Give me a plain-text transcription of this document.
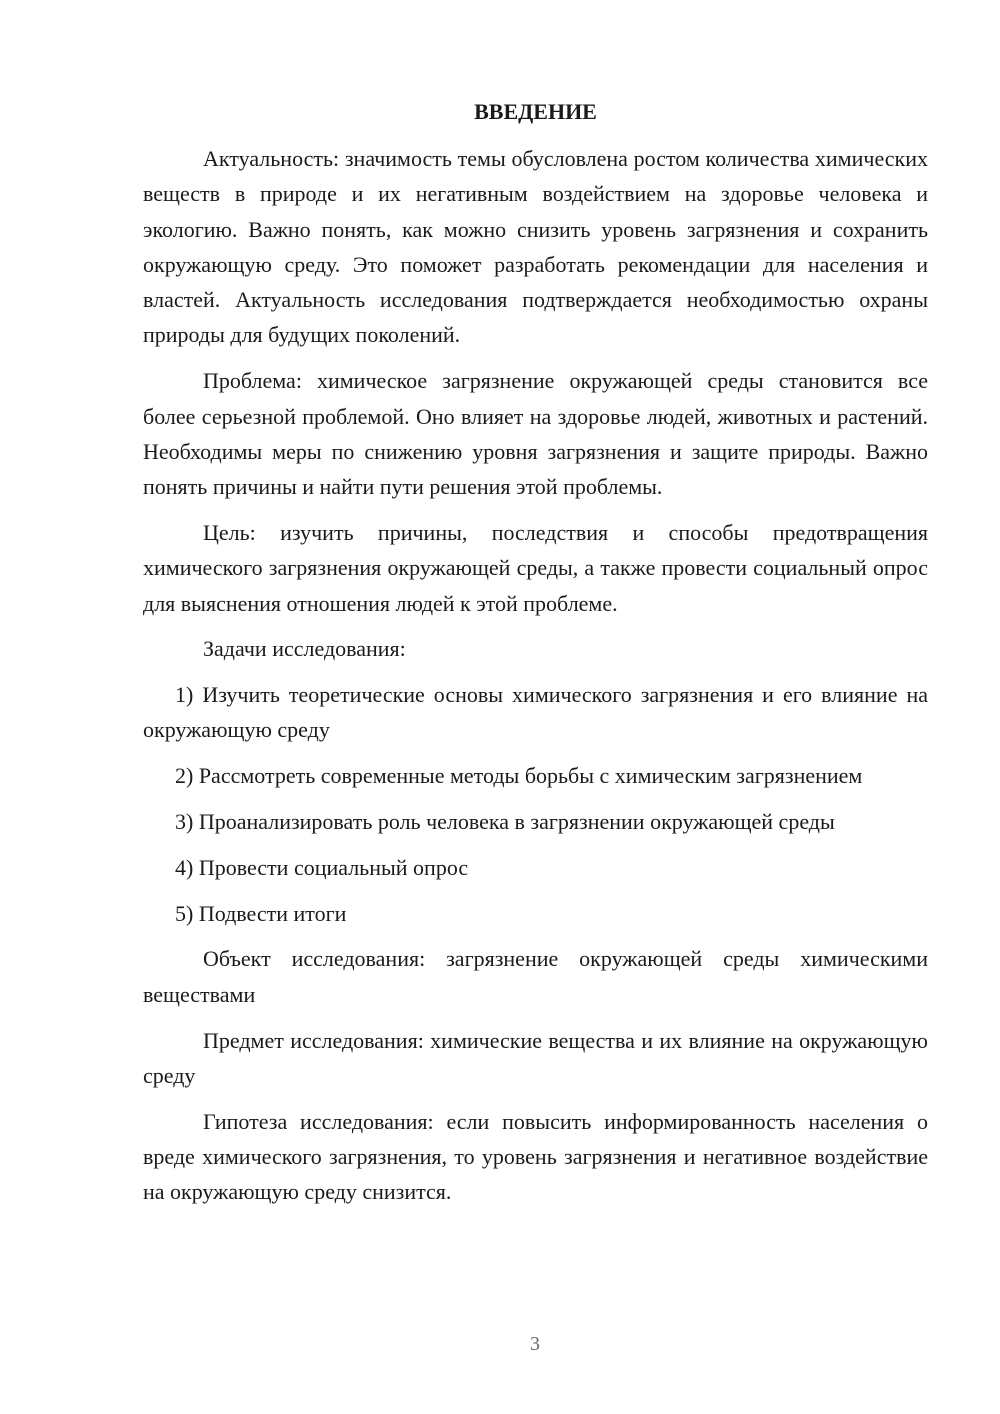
ВВЕДЕНИЕ

Актуальность: значимость темы обусловлена ростом количества химических веществ в природе и их негативным воздействием на здоровье человека и экологию. Важно понять, как можно снизить уровень загрязнения и сохранить окружающую среду. Это поможет разработать рекомендации для населения и властей. Актуальность исследования подтверждается необходимостью охраны природы для будущих поколений.

Проблема: химическое загрязнение окружающей среды становится все более серьезной проблемой. Оно влияет на здоровье людей, животных и растений. Необходимы меры по снижению уровня загрязнения и защите природы. Важно понять причины и найти пути решения этой проблемы.

Цель: изучить причины, последствия и способы предотвращения химического загрязнения окружающей среды, а также провести социальный опрос для выяснения отношения людей к этой проблеме.

Задачи исследования:

1) Изучить теоретические основы химического загрязнения и его влияние на окружающую среду

2) Рассмотреть современные методы борьбы с химическим загрязнением

3) Проанализировать роль человека в загрязнении окружающей среды

4) Провести социальный опрос

5) Подвести итоги

Объект исследования: загрязнение окружающей среды химическими веществами

Предмет исследования: химические вещества и их влияние на окружающую среду

Гипотеза исследования: если повысить информированность населения о вреде химического загрязнения, то уровень загрязнения и негативное воздействие на окружающую среду снизится.

3
